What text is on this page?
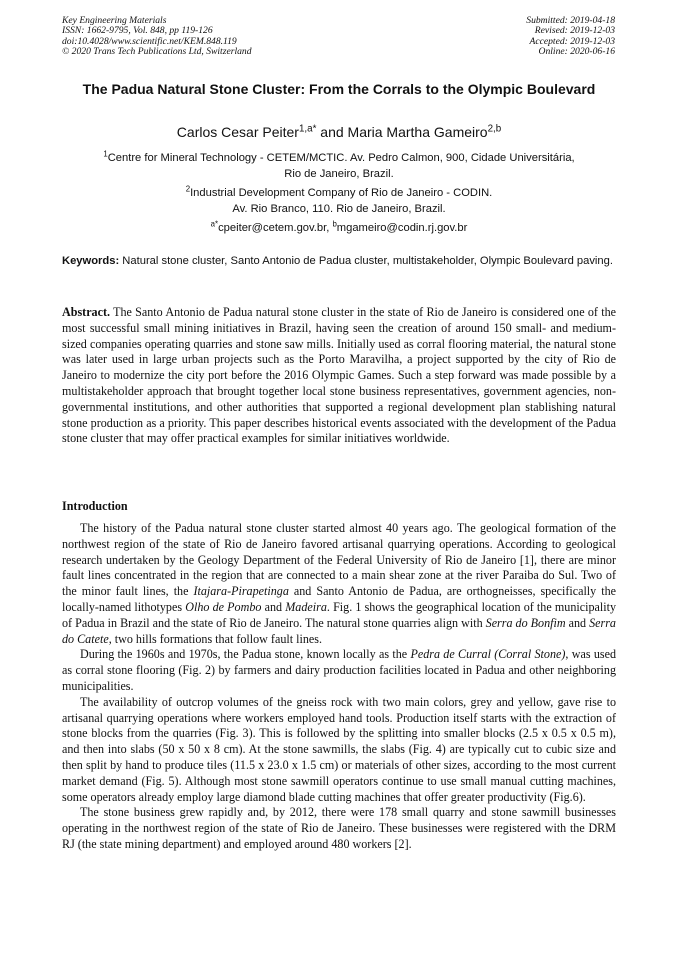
Key Engineering Materials
ISSN: 1662-9795, Vol. 848, pp 119-126
doi:10.4028/www.scientific.net/KEM.848.119
© 2020 Trans Tech Publications Ltd, Switzerland
Submitted: 2019-04-18
Revised: 2019-12-03
Accepted: 2019-12-03
Online: 2020-06-16
The Padua Natural Stone Cluster: From the Corrals to the Olympic Boulevard
Carlos Cesar Peiter$^{1,a*}$ and Maria Martha Gameiro$^{2,b}$
$^1$Centre for Mineral Technology - CETEM/MCTIC. Av. Pedro Calmon, 900, Cidade Universitária,
Rio de Janeiro, Brazil.
$^2$Industrial Development Company of Rio de Janeiro - CODIN.
Av. Rio Branco, 110. Rio de Janeiro, Brazil.
$^{a*}$cpeiter@cetem.gov.br, $^b$mgameiro@codin.rj.gov.br
Keywords: Natural stone cluster, Santo Antonio de Padua cluster, multistakeholder, Olympic Boulevard paving.
Abstract. The Santo Antonio de Padua natural stone cluster in the state of Rio de Janeiro is considered one of the most successful small mining initiatives in Brazil, having seen the creation of around 150 small- and medium-sized companies operating quarries and stone saw mills. Initially used as corral flooring material, the natural stone was later used in large urban projects such as the Porto Maravilha, a project supported by the city of Rio de Janeiro to modernize the city port before the 2016 Olympic Games. Such a step forward was made possible by a multistakeholder approach that brought together local stone business representatives, government agencies, non-governmental institutions, and other authorities that supported a regional development plan stablishing natural stone production as a priority. This paper describes historical events associated with the development of the Padua stone cluster that may offer practical examples for similar initiatives worldwide.
Introduction

The history of the Padua natural stone cluster started almost 40 years ago. The geological formation of the northwest region of the state of Rio de Janeiro favored artisanal quarrying operations. According to geological research undertaken by the Geology Department of the Federal University of Rio de Janeiro [1], there are minor fault lines concentrated in the region that are connected to a main shear zone at the river Paraiba do Sul. Two of the minor fault lines, the Itajara-Pirapetinga and Santo Antonio de Padua, are orthogneisses, specifically the locally-named lithotypes Olho de Pombo and Madeira. Fig. 1 shows the geographical location of the municipality of Padua in Brazil and the state of Rio de Janeiro. The natural stone quarries align with Serra do Bonfim and Serra do Catete, two hills formations that follow fault lines.

During the 1960s and 1970s, the Padua stone, known locally as the Pedra de Curral (Corral Stone), was used as corral stone flooring (Fig. 2) by farmers and dairy production facilities located in Padua and other neighboring municipalities.

The availability of outcrop volumes of the gneiss rock with two main colors, grey and yellow, gave rise to artisanal quarrying operations where workers employed hand tools. Production itself starts with the extraction of stone blocks from the quarries (Fig. 3). This is followed by the splitting into smaller blocks (2.5 x 0.5 x 0.5 m), and then into slabs (50 x 50 x 8 cm). At the stone sawmills, the slabs (Fig. 4) are typically cut to cubic size and then split by hand to produce tiles (11.5 x 23.0 x 1.5 cm) or materials of other sizes, according to the most current market demand (Fig. 5). Although most stone sawmill operators continue to use small manual cutting machines, some operators already employ large diamond blade cutting machines that offer greater productivity (Fig.6).

The stone business grew rapidly and, by 2012, there were 178 small quarry and stone sawmill businesses operating in the northwest region of the state of Rio de Janeiro. These businesses were registered with the DRM RJ (the state mining department) and employed around 480 workers [2].
